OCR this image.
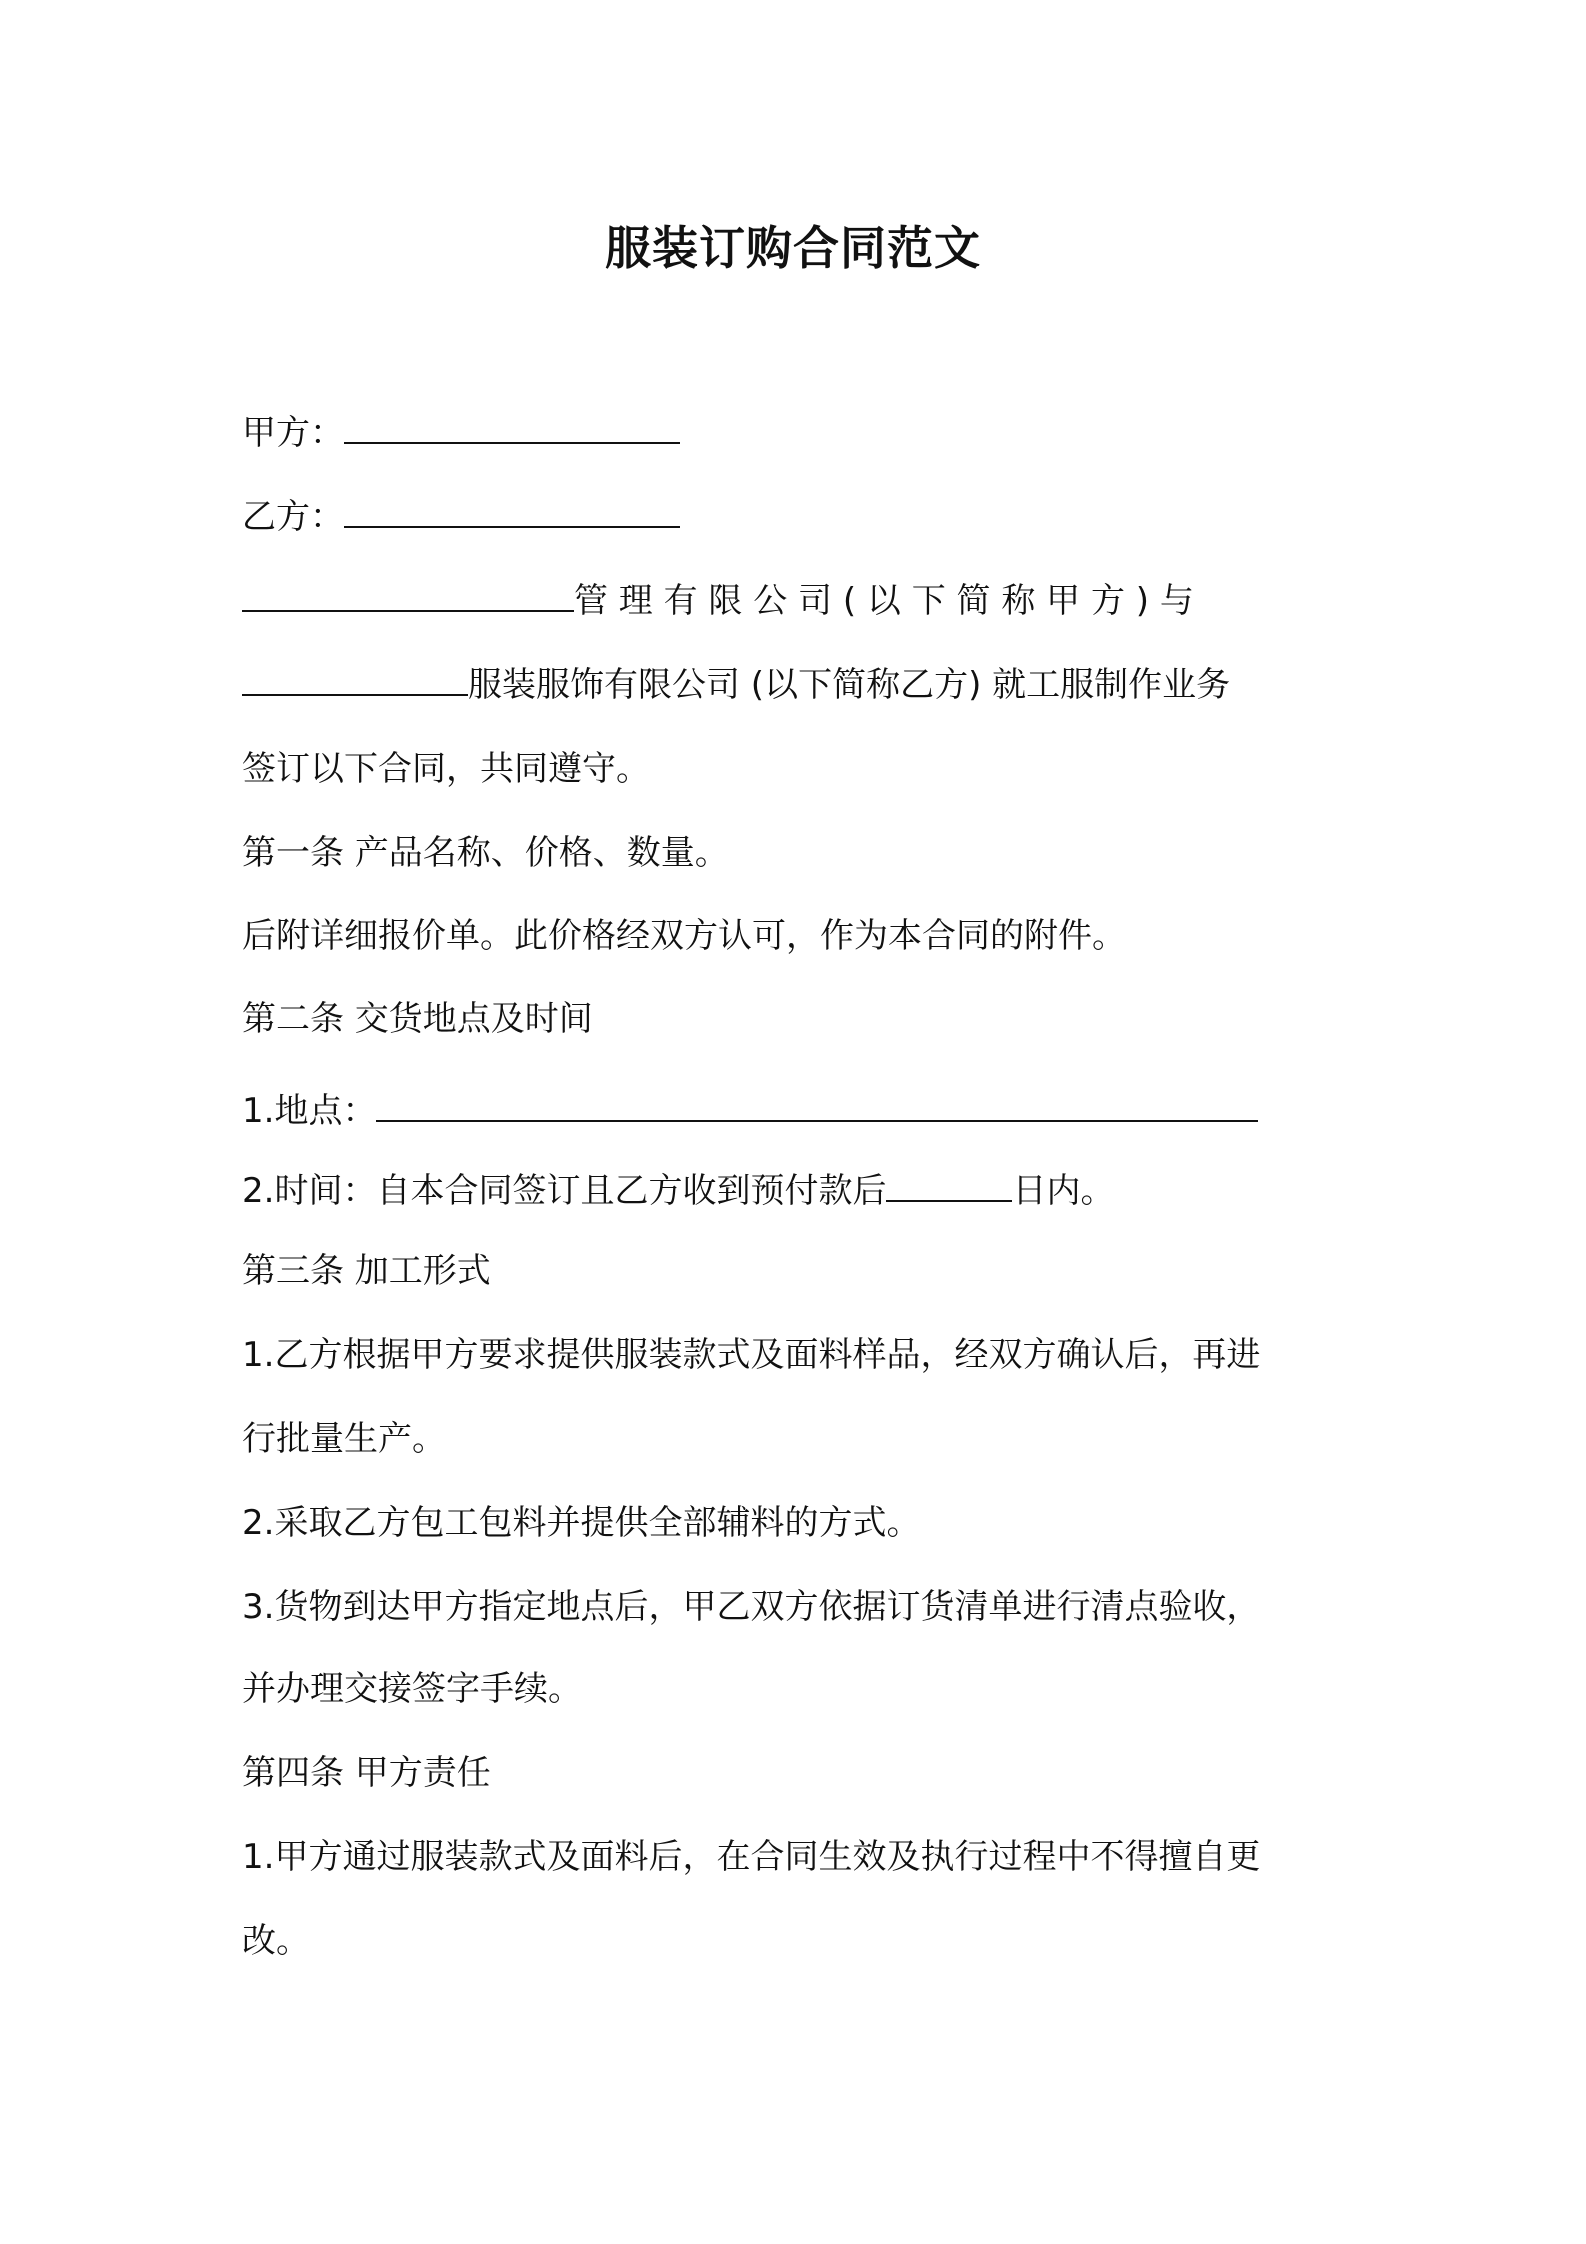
服装订购合同范文
甲方：
乙方：
管 理 有 限 公 司 ( 以 下 简 称 甲 方 ) 与
服装服饰有限公司 (以下简称乙方) 就工服制作业务
签订以下合同，共同遵守。
第一条 产品名称、价格、数量。
后附详细报价单。此价格经双方认可，作为本合同的附件。
第二条 交货地点及时间
1.地点：
2.时间：自本合同签订且乙方收到预付款后	日内。
第三条 加工形式
1.乙方根据甲方要求提供服装款式及面料样品，经双方确认后，再进
行批量生产。
2.采取乙方包工包料并提供全部辅料的方式。
3.货物到达甲方指定地点后，甲乙双方依据订货清单进行清点验收，
并办理交接签字手续。
第四条 甲方责任
1.甲方通过服装款式及面料后，在合同生效及执行过程中不得擅自更
改。
